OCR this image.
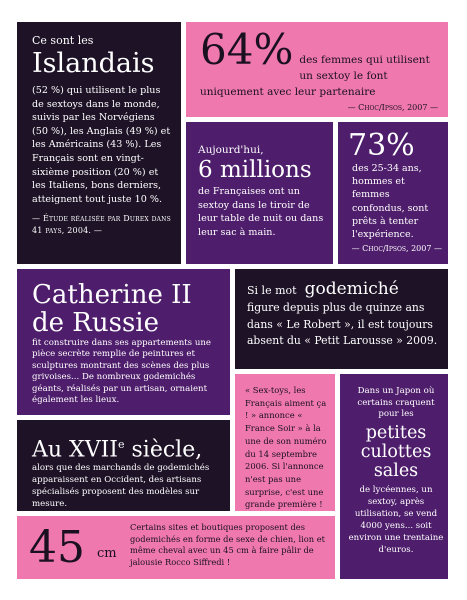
Ce sont les
Islandais
(52 %) qui utilisent le plus de sextoys dans le monde, suivis par les Norvégiens (50 %), les Anglais (49 %) et les Américains (43 %). Les Français sont en vingt-sixième position (20 %) et les Italiens, bons derniers, atteignent tout juste 10 %.
— Étude réalisée par Durex dans 41 pays, 2004. —
64% des femmes qui utilisent un sextoy le font uniquement avec leur partenaire
— Choc/Ipsos, 2007 —
Aujourd'hui,
6 millions
de Françaises ont un sextoy dans le tiroir de leur table de nuit ou dans leur sac à main.
73%
des 25-34 ans, hommes et femmes confondus, sont prêts à tenter l'expérience.
— Choc/Ipsos, 2007 —
Catherine II
de Russie
fit construire dans ses appartements une pièce secrète remplie de peintures et sculptures montrant des scènes des plus grivoises... De nombreux godemichés géants, réalisés par un artisan, ornaient également les lieux.
Si le mot godemiché
figure depuis plus de quinze ans dans « Le Robert », il est toujours absent du « Petit Larousse » 2009.
« Sex-toys, les Français aiment ça ! » annonce « France Soir » à la une de son numéro du 14 septembre 2006. Si l'annonce n'est pas une surprise, c'est une grande première !
Dans un Japon où certains craquent pour les
petites culottes sales
de lycéennes, un sextoy, après utilisation, se vend 4000 yens... soit environ une trentaine d'euros.
Au XVIIe siècle,
alors que des marchands de godemichés apparaissent en Occident, des artisans spécialisés proposent des modèles sur mesure.
45 cm
Certains sites et boutiques proposent des godemichés en forme de sexe de chien, lion et même cheval avec un 45 cm à faire pâlir de jalousie Rocco Siffredi !
